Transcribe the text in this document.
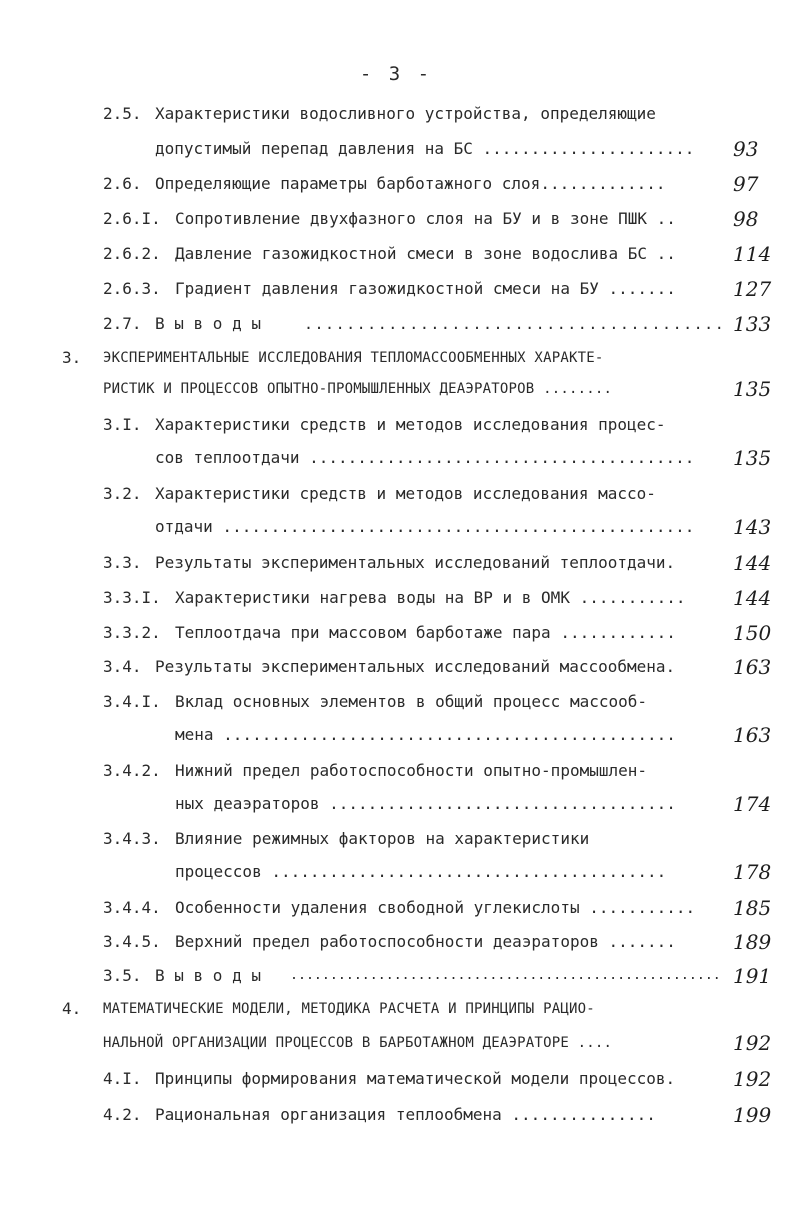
- 3 -
2.5. Характеристики водосливного устройства, определяющие
допустимый перепад давления на БС ...................... 93
2.6. Определяющие параметры барботажного слоя.............	97
2.6.I. Сопротивление двухфазного слоя на БУ и в зоне ПШК ..	98
2.6.2. Давление газожидкостной смеси в зоне водослива БС ..	114
2.6.3. Градиент давления газожидкостной смеси на БУ .......	127
2.7. В ы в о д ы	........................................ 133
3. ЭКСПЕРИМЕНТАЛЬНЫЕ ИССЛЕДОВАНИЯ ТЕПЛОМАССООБМЕННЫХ ХАРАКТЕ-
РИСТИК И ПРОЦЕССОВ ОПЫТНО-ПРОМЫШЛЕННЫХ ДЕАЭРАТОРОВ ........	135
3.I. Характеристики средств и методов исследования процес-
сов теплоотдачи ........................................ 135
3.2. Характеристики средств и методов исследования массо-
отдачи ................................................. 143
3.3. Результаты экспериментальных исследований теплоотдачи.	144
3.3.I. Характеристики нагрева воды на ВР и в ОМК ........... 144
3.3.2. Теплоотдача при массовом барботаже пара ............	150
3.4. Результаты экспериментальных исследований массообмена.	163
3.4.I. Вклад основных элементов в общий процесс массооб-
мена ...............................................	163
3.4.2. Нижний предел работоспособности опытно-промышлен-
ных деаэраторов ....................................	174
3.4.3. Влияние режимных факторов на характеристики
процессов .........................................	178
3.4.4. Особенности удаления свободной углекислоты ........... 185
3.4.5. Верхний предел работоспособности деаэраторов .......	189
3.5. В ы в о д ы ...................................................... 191
4. МАТЕМАТИЧЕСКИЕ МОДЕЛИ, МЕТОДИКА РАСЧЕТА И ПРИНЦИПЫ РАЦИО-
НАЛЬНОЙ ОРГАНИЗАЦИИ ПРОЦЕССОВ В БАРБОТАЖНОМ ДЕАЭРАТОРЕ ....	192
4.I. Принципы формирования математической модели процессов.	192
4.2. Рациональная организация теплообмена ...............	199
